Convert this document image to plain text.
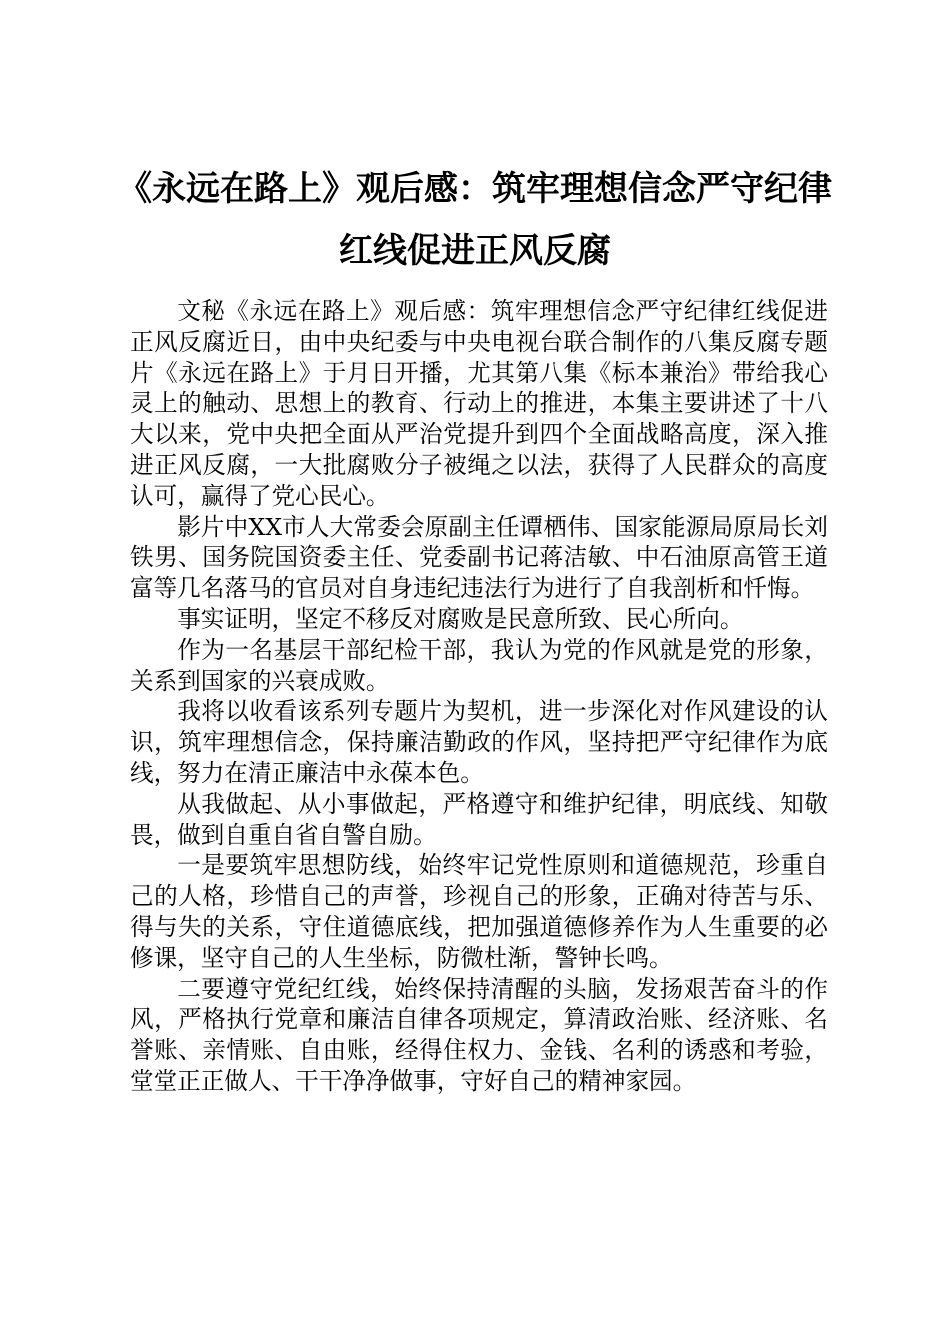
《永远在路上》观后感：筑牢理想信念严守纪律红线促进正风反腐

文秘《永远在路上》观后感：筑牢理想信念严守纪律红线促进正风反腐近日，由中央纪委与中央电视台联合制作的八集反腐专题片《永远在路上》于月日开播，尤其第八集《标本兼治》带给我心灵上的触动、思想上的教育、行动上的推进，本集主要讲述了十八大以来，党中央把全面从严治党提升到四个全面战略高度，深入推进正风反腐，一大批腐败分子被绳之以法，获得了人民群众的高度认可，赢得了党心民心。

影片中XX市人大常委会原副主任谭栖伟、国家能源局原局长刘铁男、国务院国资委主任、党委副书记蒋洁敏、中石油原高管王道富等几名落马的官员对自身违纪违法行为进行了自我剖析和忏悔。

事实证明，坚定不移反对腐败是民意所致、民心所向。

作为一名基层干部纪检干部，我认为党的作风就是党的形象，关系到国家的兴衰成败。

我将以收看该系列专题片为契机，进一步深化对作风建设的认识，筑牢理想信念，保持廉洁勤政的作风，坚持把严守纪律作为底线，努力在清正廉洁中永葆本色。

从我做起、从小事做起，严格遵守和维护纪律，明底线、知敬畏，做到自重自省自警自励。

一是要筑牢思想防线，始终牢记党性原则和道德规范，珍重自己的人格，珍惜自己的声誉，珍视自己的形象，正确对待苦与乐、得与失的关系，守住道德底线，把加强道德修养作为人生重要的必修课，坚守自己的人生坐标，防微杜渐，警钟长鸣。

二要遵守党纪红线，始终保持清醒的头脑，发扬艰苦奋斗的作风，严格执行党章和廉洁自律各项规定，算清政治账、经济账、名誉账、亲情账、自由账，经得住权力、金钱、名利的诱惑和考验，堂堂正正做人、干干净净做事，守好自己的精神家园。
